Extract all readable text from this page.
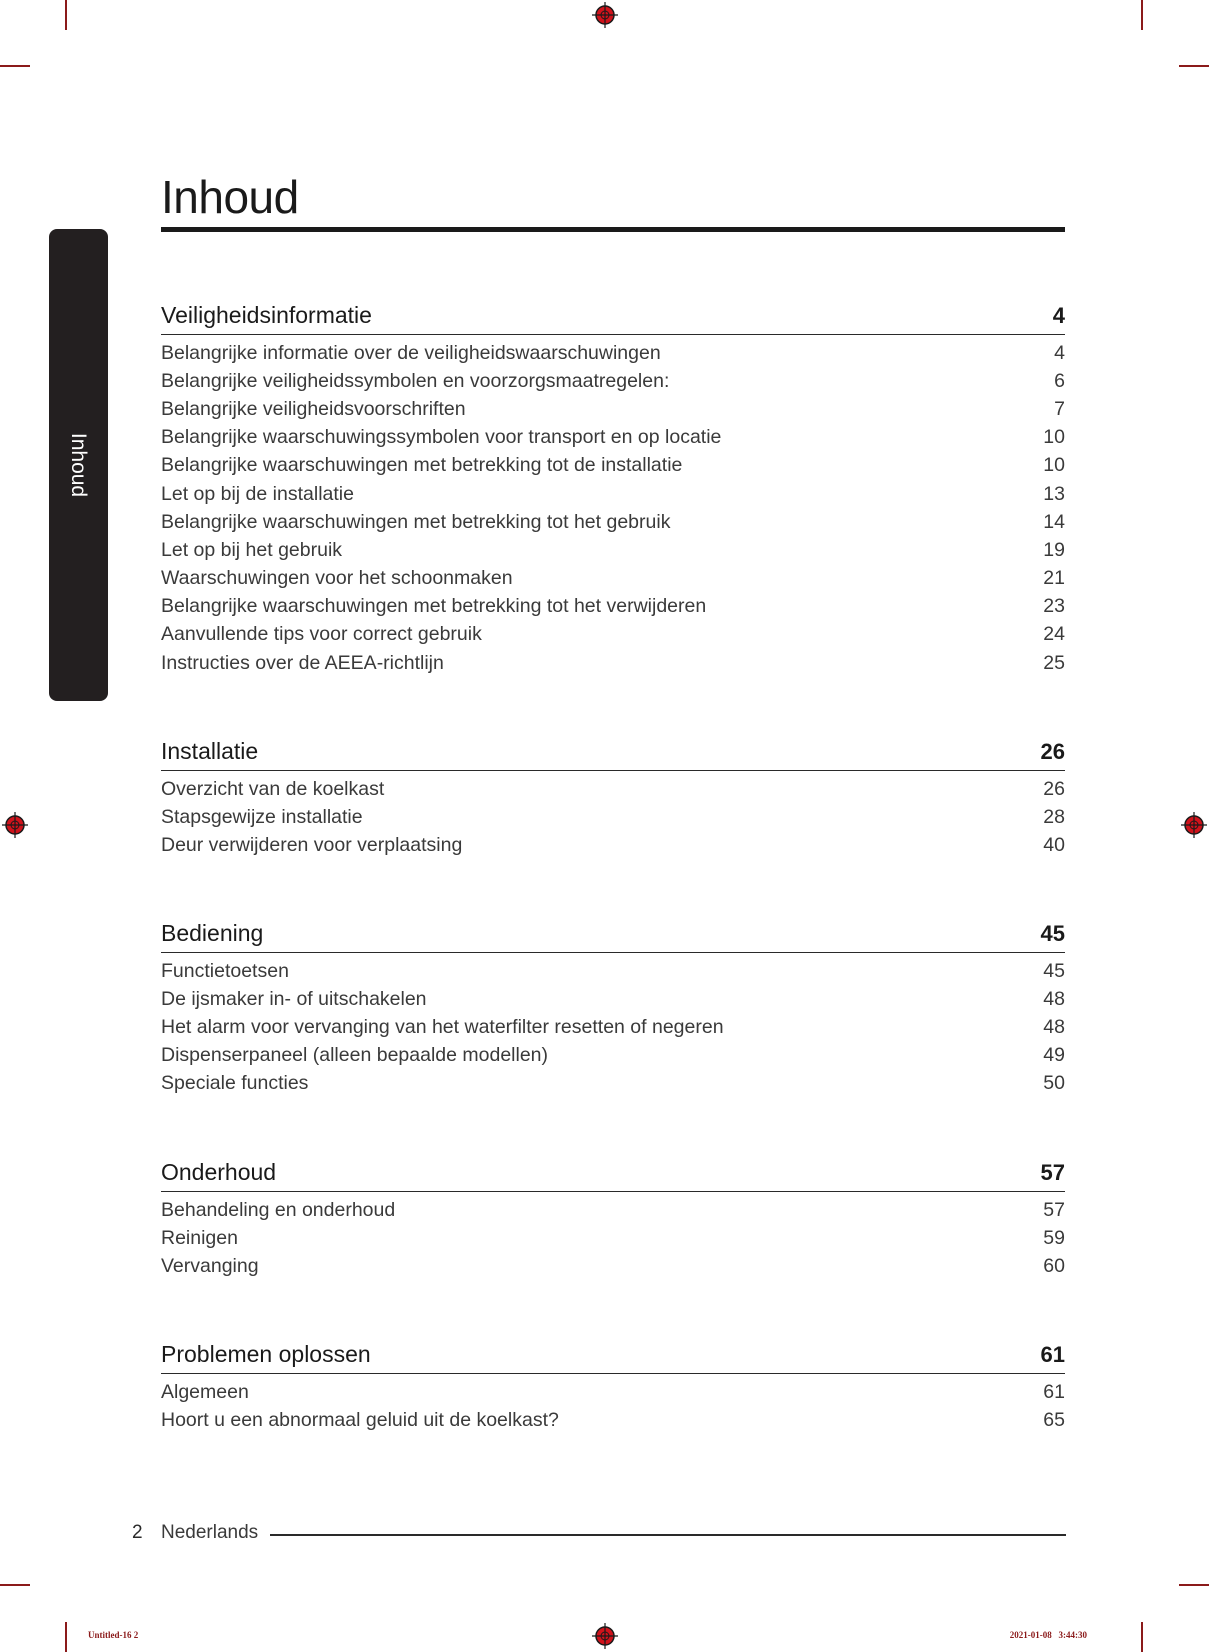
Inhoud
Inhoud
Veiligheidsinformatie	4
Belangrijke informatie over de veiligheidswaarschuwingen	4
Belangrijke veiligheidssymbolen en voorzorgsmaatregelen:	6
Belangrijke veiligheidsvoorschriften	7
Belangrijke waarschuwingssymbolen voor transport en op locatie	10
Belangrijke waarschuwingen met betrekking tot de installatie	10
Let op bij de installatie	13
Belangrijke waarschuwingen met betrekking tot het gebruik	14
Let op bij het gebruik	19
Waarschuwingen voor het schoonmaken	21
Belangrijke waarschuwingen met betrekking tot het verwijderen	23
Aanvullende tips voor correct gebruik	24
Instructies over de AEEA-richtlijn	25
Installatie	26
Overzicht van de koelkast	26
Stapsgewijze installatie	28
Deur verwijderen voor verplaatsing	40
Bediening	45
Functietoetsen	45
De ijsmaker in- of uitschakelen	48
Het alarm voor vervanging van het waterfilter resetten of negeren	48
Dispenserpaneel (alleen bepaalde modellen)	49
Speciale functies	50
Onderhoud	57
Behandeling en onderhoud	57
Reinigen	59
Vervanging	60
Problemen oplossen	61
Algemeen	61
Hoort u een abnormaal geluid uit de koelkast?	65
2 Nederlands
Untitled-16 2	2021-01-08   3:44:30
